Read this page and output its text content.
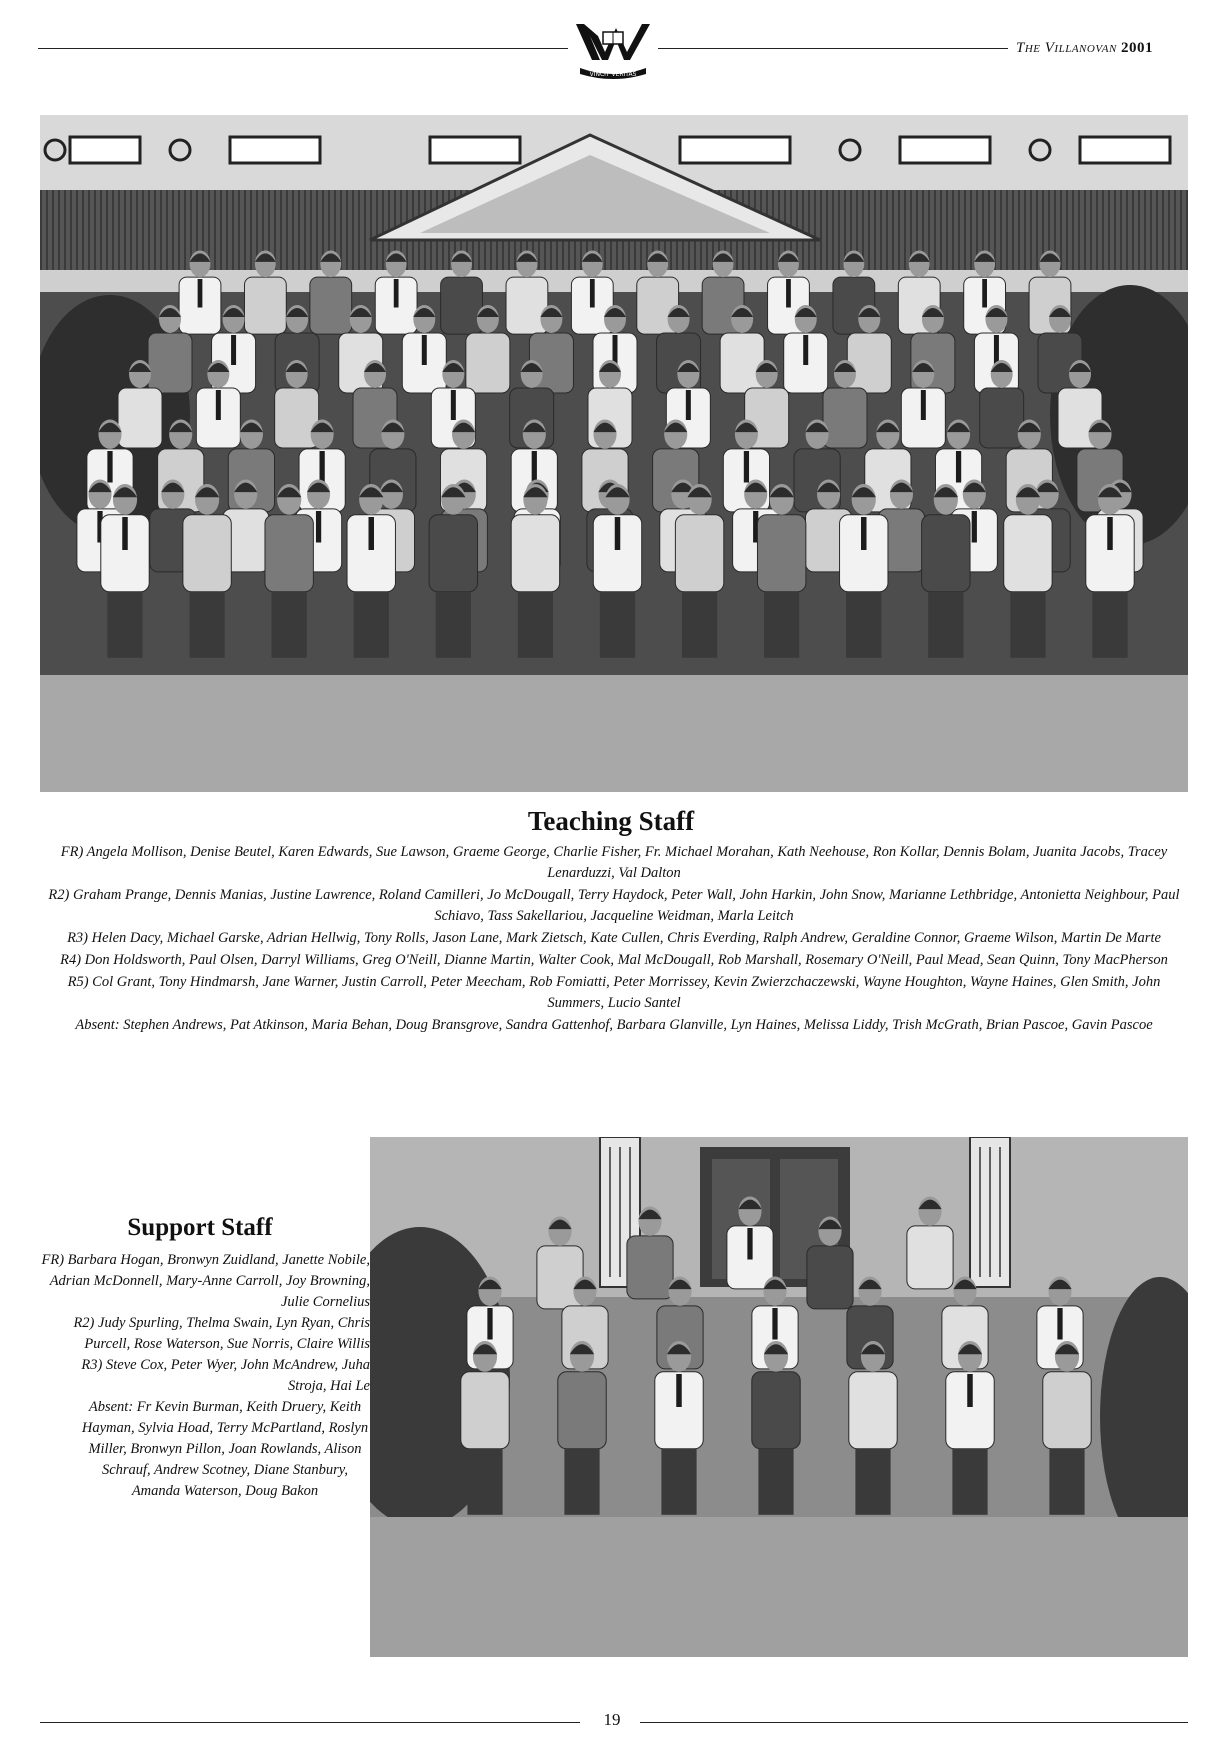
VINCIT VERITAS
The Villanovan 2001
Teaching Staff
FR) Angela Mollison, Denise Beutel, Karen Edwards, Sue Lawson, Graeme George, Charlie Fisher, Fr. Michael Morahan, Kath Neehouse, Ron Kollar, Dennis Bolam, Juanita Jacobs, Tracey Lenarduzzi, Val Dalton
R2) Graham Prange, Dennis Manias, Justine Lawrence, Roland Camilleri, Jo McDougall, Terry Haydock, Peter Wall, John Harkin, John Snow, Marianne Lethbridge, Antonietta Neighbour, Paul Schiavo, Tass Sakellariou, Jacqueline Weidman, Marla Leitch
R3) Helen Dacy, Michael Garske, Adrian Hellwig, Tony Rolls, Jason Lane, Mark Zietsch, Kate Cullen, Chris Everding, Ralph Andrew, Geraldine Connor, Graeme Wilson, Martin De Marte
R4) Don Holdsworth, Paul Olsen, Darryl Williams, Greg O'Neill, Dianne Martin, Walter Cook, Mal McDougall, Rob Marshall, Rosemary O'Neill, Paul Mead, Sean Quinn, Tony MacPherson
R5) Col Grant, Tony Hindmarsh, Jane Warner, Justin Carroll, Peter Meecham, Rob Fomiatti, Peter Morrissey, Kevin Zwierzchaczewski, Wayne Houghton, Wayne Haines, Glen Smith, John Summers, Lucio Santel
Absent: Stephen Andrews, Pat Atkinson, Maria Behan, Doug Bransgrove, Sandra Gattenhof, Barbara Glanville, Lyn Haines, Melissa Liddy, Trish McGrath, Brian Pascoe, Gavin Pascoe
Support Staff
FR) Barbara Hogan, Bronwyn Zuidland, Janette Nobile, Adrian McDonnell, Mary-Anne Carroll, Joy Browning, Julie Cornelius
R2) Judy Spurling, Thelma Swain, Lyn Ryan, Chris Purcell, Rose Waterson, Sue Norris, Claire Willis
R3) Steve Cox, Peter Wyer, John McAndrew, Juha Stroja, Hai Le
Absent: Fr Kevin Burman, Keith Druery, Keith Hayman, Sylvia Hoad, Terry McPartland, Roslyn Miller, Bronwyn Pillon, Joan Rowlands, Alison Schrauf, Andrew Scotney, Diane Stanbury, Amanda Waterson, Doug Bakon
19
